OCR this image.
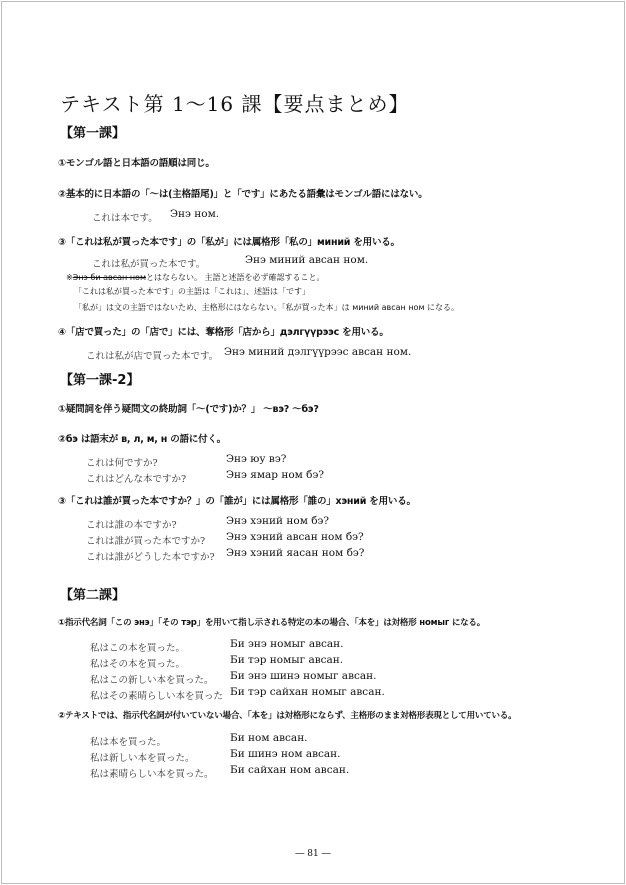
テキスト第 1〜16 課【要点まとめ】
【第一課】
①モンゴル語と日本語の語順は同じ。
②基本的に日本語の「〜は(主格語尾)」と「です」にあたる語彙はモンゴル語にはない。
これは本です。 Энэ ном.
③「これは私が買った本です」の「私が」には属格形「私の」миний を用いる。
これは私が買った本です。	Энэ миний авсан ном.
※Энэ би авсан номとはならない。 主語と述語を必ず確認すること。
「これは私が買った本です」の主語は「これは」、述語は「です」
「私が」は文の主語ではないため、主格形にはならない。「私が買った本」は миний авсан ном になる。
④「店で買った」の「店で」には、奪格形「店から」дэлгүүрээс を用いる。
これは私が店で買った本です。 Энэ миний дэлгүүрээс авсан ном.
【第一課-2】
①疑問詞を伴う疑問文の終助詞「〜(です)か？」 ～вэ? ～бэ?
②бэ は語末が в, л, м, н の語に付く。
これは何ですか?	Энэ юу вэ?
これはどんな本ですか?	Энэ ямар ном бэ?
③「これは誰が買った本ですか？」の「誰が」には属格形「誰の」хэний を用いる。
これは誰の本ですか?	Энэ хэний ном бэ?
これは誰が買った本ですか? Энэ хэний авсан ном бэ?
これは誰がどうした本ですか? Энэ хэний яасан ном бэ?
【第二課】
①指示代名詞「この энэ」「その тэр」を用いて指し示される特定の本の場合、「本を」は対格形 номыг になる。
私はこの本を買った。	Би энэ номыг авсан.
私はその本を買った。	Би тэр номыг авсан.
私はこの新しい本を買った。 Би энэ шинэ номыг авсан.
私はその素晴らしい本を買った Би тэр сайхан номыг авсан.
②テキストでは、指示代名詞が付いていない場合、「本を」は対格形にならず、主格形のまま対格形表現として用いている。
私は本を買った。	Би ном авсан.
私は新しい本を買った。	Би шинэ ном авсан.
私は素晴らしい本を買った。 Би сайхан ном авсан.
― 81 ―
